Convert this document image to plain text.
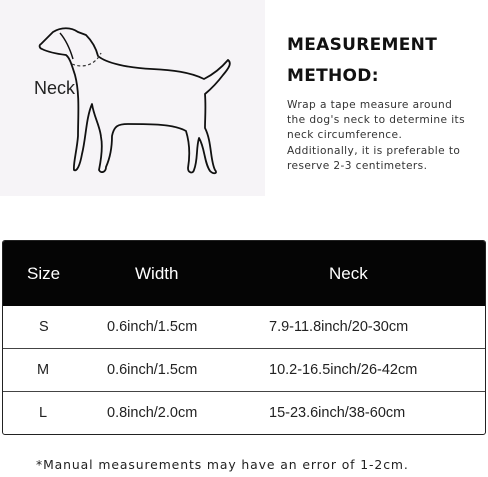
Neck
MEASUREMENT
METHOD:
Wrap a tape measure around
the dog's neck to determine its
neck circumference.
Additionally, it is preferable to
reserve 2-3 centimeters.
Size	Width	Neck
S	0.6inch/1.5cm	7.9-11.8inch/20-30cm
M	0.6inch/1.5cm	10.2-16.5inch/26-42cm
L	0.8inch/2.0cm	15-23.6inch/38-60cm
*Manual measurements may have an error of 1-2cm.
